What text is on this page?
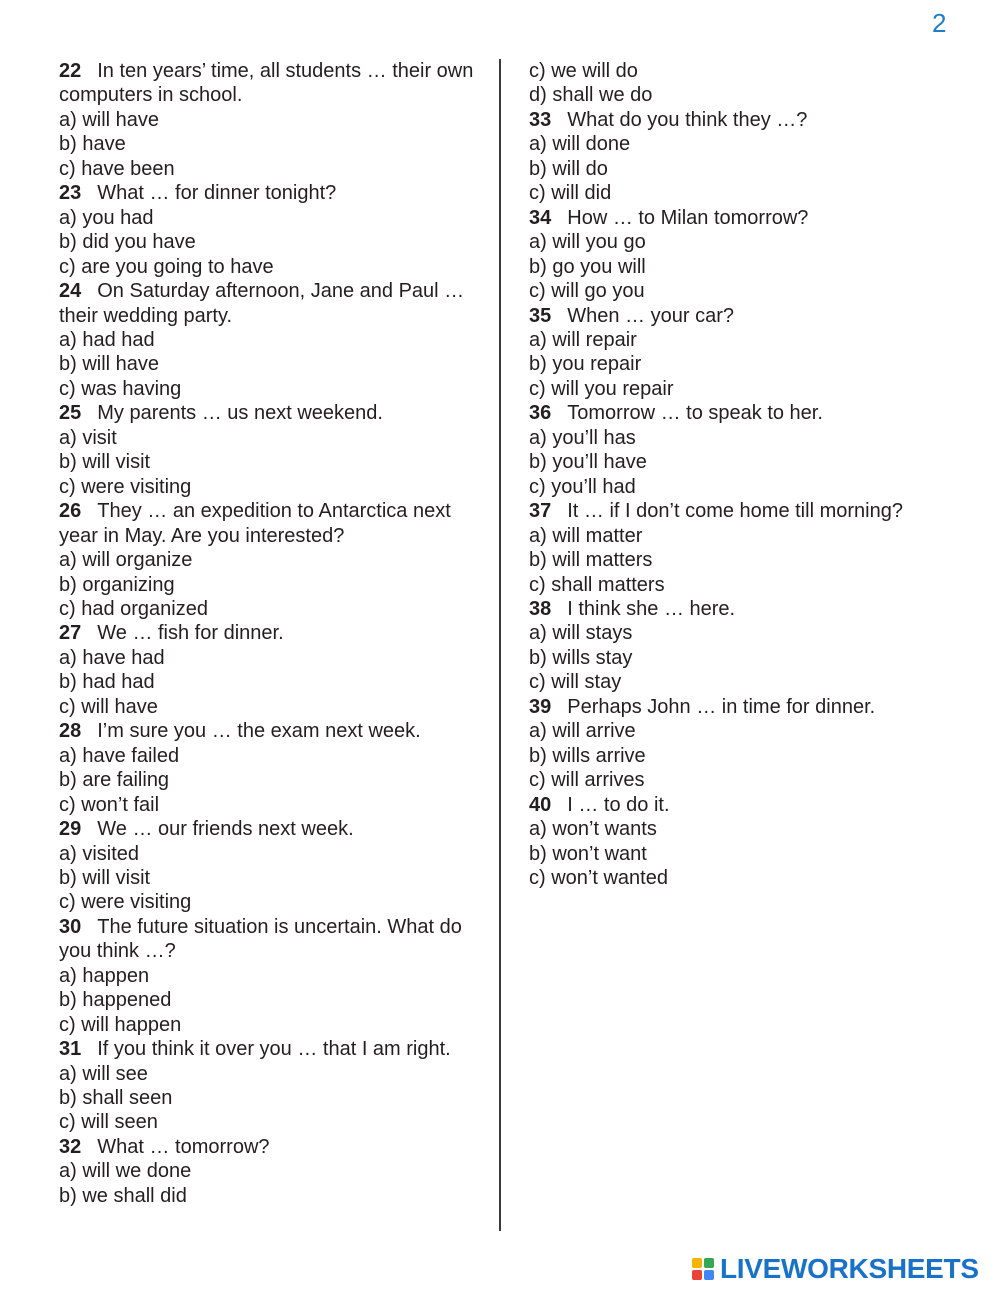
2
22 In ten years’ time, all students … their own computers in school.
a) will have
b) have
c) have been
23 What … for dinner tonight?
a) you had
b) did you have
c) are you going to have
24 On Saturday afternoon, Jane and Paul … their wedding party.
a) had had
b) will have
c) was having
25 My parents … us next weekend.
a) visit
b) will visit
c) were visiting
26 They … an expedition to Antarctica next year in May. Are you interested?
a) will organize
b) organizing
c) had organized
27 We … fish for dinner.
a) have had
b) had had
c) will have
28 I’m sure you … the exam next week.
a) have failed
b) are failing
c) won’t fail
29 We … our friends next week.
a) visited
b) will visit
c) were visiting
30 The future situation is uncertain. What do you think …?
a) happen
b) happened
c) will happen
31 If you think it over you … that I am right.
a) will see
b) shall seen
c) will seen
32 What … tomorrow?
a) will we done
b) we shall did
c) we will do
d) shall we do
33 What do you think they …?
a) will done
b) will do
c) will did
34 How … to Milan tomorrow?
a) will you go
b) go you will
c) will go you
35 When … your car?
a) will repair
b) you repair
c) will you repair
36 Tomorrow … to speak to her.
a) you’ll has
b) you’ll have
c) you’ll had
37 It … if I don’t come home till morning?
a) will matter
b) will matters
c) shall matters
38 I think she … here.
a) will stays
b) wills stay
c) will stay
39 Perhaps John … in time for dinner.
a) will arrive
b) wills arrive
c) will arrives
40 I … to do it.
a) won’t wants
b) won’t want
c) won’t wanted
LIVEWORKSHEETS
